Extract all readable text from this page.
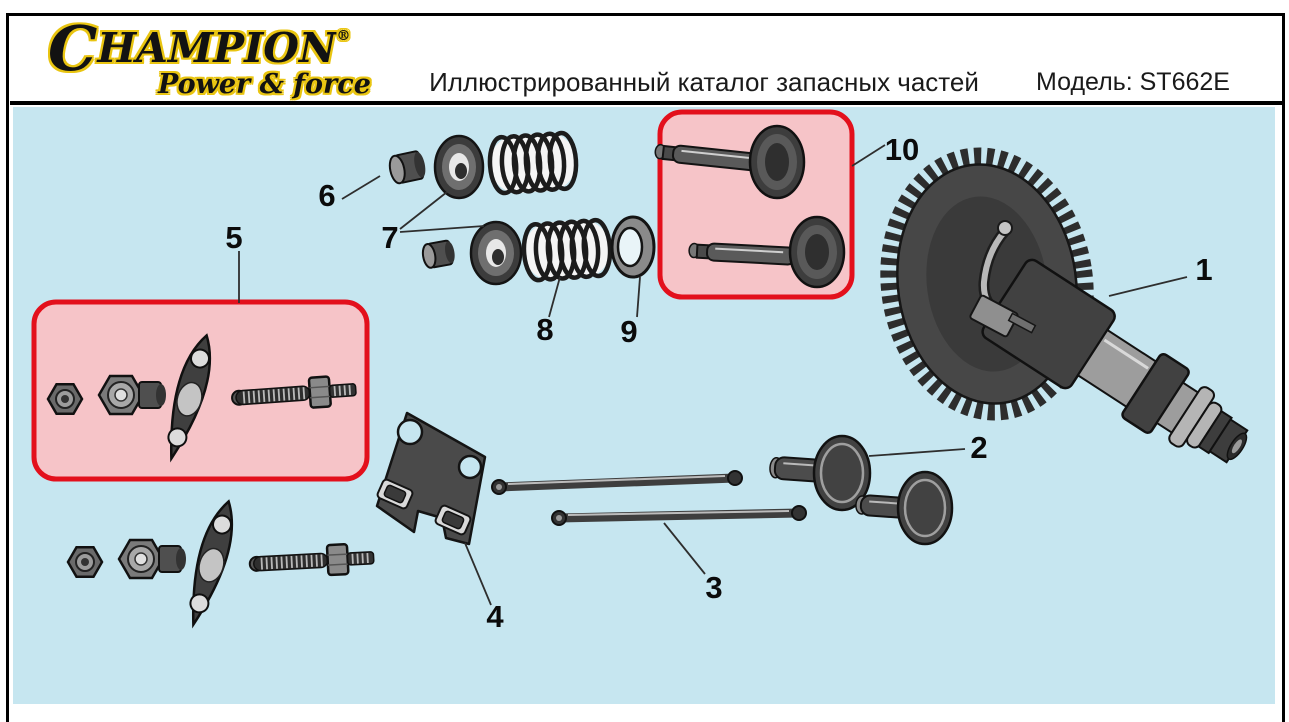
CHAMPION®
Power & force	Иллюстрированный каталог запасных частей	Модель: ST662E
1
2
3
4
5
6
7
8 9
10
